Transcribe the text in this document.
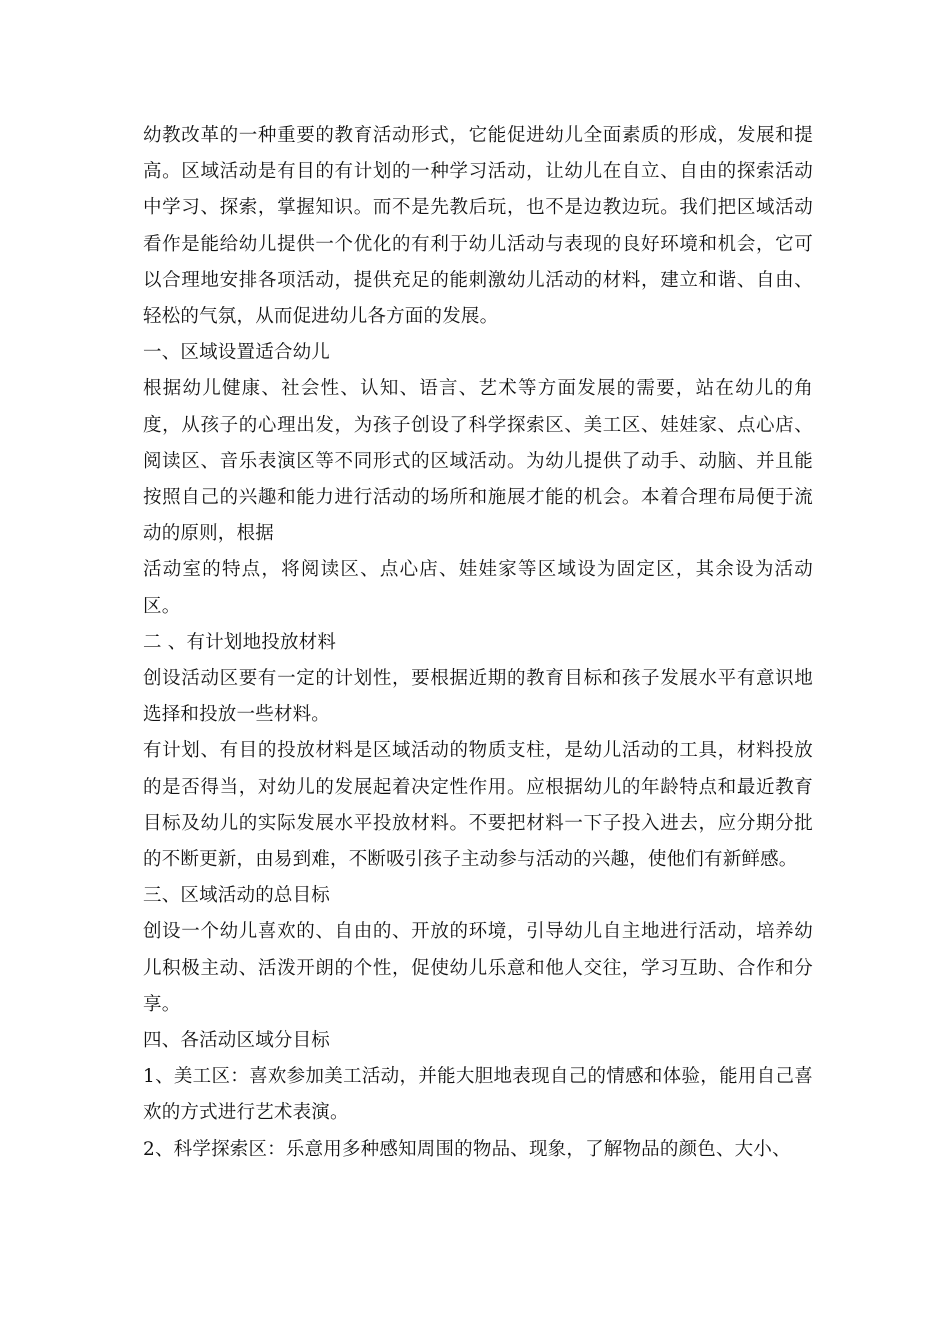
幼教改革的一种重要的教育活动形式，它能促进幼儿全面素质的形成，发展和提高。区域活动是有目的有计划的一种学习活动，让幼儿在自立、自由的探索活动中学习、探索，掌握知识。而不是先教后玩，也不是边教边玩。我们把区域活动看作是能给幼儿提供一个优化的有利于幼儿活动与表现的良好环境和机会，它可以合理地安排各项活动，提供充足的能刺激幼儿活动的材料，建立和谐、自由、轻松的气氛，从而促进幼儿各方面的发展。

一、区域设置适合幼儿

根据幼儿健康、社会性、认知、语言、艺术等方面发展的需要，站在幼儿的角度，从孩子的心理出发，为孩子创设了科学探索区、美工区、娃娃家、点心店、阅读区、音乐表演区等不同形式的区域活动。为幼儿提供了动手、动脑、并且能按照自己的兴趣和能力进行活动的场所和施展才能的机会。本着合理布局便于流动的原则，根据

活动室的特点，将阅读区、点心店、娃娃家等区域设为固定区，其余设为活动区。

二 、有计划地投放材料

创设活动区要有一定的计划性，要根据近期的教育目标和孩子发展水平有意识地选择和投放一些材料。

有计划、有目的投放材料是区域活动的物质支柱，是幼儿活动的工具，材料投放的是否得当，对幼儿的发展起着决定性作用。应根据幼儿的年龄特点和最近教育目标及幼儿的实际发展水平投放材料。不要把材料一下子投入进去，应分期分批的不断更新，由易到难，不断吸引孩子主动参与活动的兴趣，使他们有新鲜感。

三、区域活动的总目标

创设一个幼儿喜欢的、自由的、开放的环境，引导幼儿自主地进行活动，培养幼儿积极主动、活泼开朗的个性，促使幼儿乐意和他人交往，学习互助、合作和分享。

四、各活动区域分目标

1、美工区：喜欢参加美工活动，并能大胆地表现自己的情感和体验，能用自己喜欢的方式进行艺术表演。

2、科学探索区：乐意用多种感知周围的物品、现象，了解物品的颜色、大小、
